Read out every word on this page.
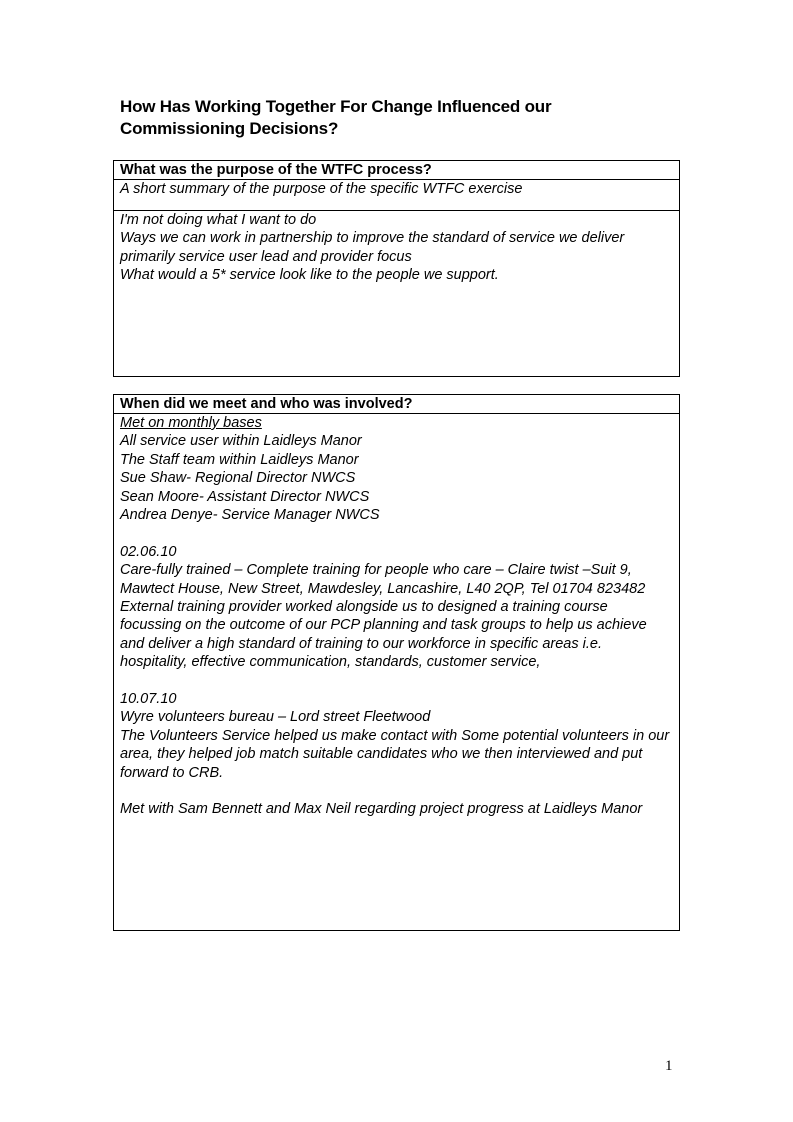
How Has Working Together For Change Influenced our Commissioning Decisions?
What was the purpose of the WTFC process?
A short summary of the purpose of the specific WTFC exercise
I'm not doing what I want to do
Ways we can work in partnership to improve the standard of service we deliver primarily service user lead and provider focus
What would a 5* service look like to the people we support.
When did we meet and who was involved?
Met on monthly bases
All service user within Laidleys Manor
The Staff team within Laidleys Manor
Sue Shaw- Regional Director NWCS
Sean Moore- Assistant Director NWCS
Andrea Denye- Service Manager NWCS
02.06.10
Care-fully trained – Complete training for people who care – Claire twist –Suit 9, Mawtect House, New Street, Mawdesley, Lancashire, L40 2QP, Tel 01704 823482 External training provider worked alongside us to designed a training course focussing on the outcome of our PCP planning and task groups to help us achieve and deliver a high standard of training to our workforce in specific areas i.e. hospitality, effective communication, standards, customer service,
10.07.10
Wyre volunteers bureau – Lord street Fleetwood
The Volunteers Service helped us make contact with Some potential volunteers in our area, they helped job match suitable candidates who we then interviewed and put forward to CRB.
Met with Sam Bennett and Max Neil regarding project progress at Laidleys Manor
1
